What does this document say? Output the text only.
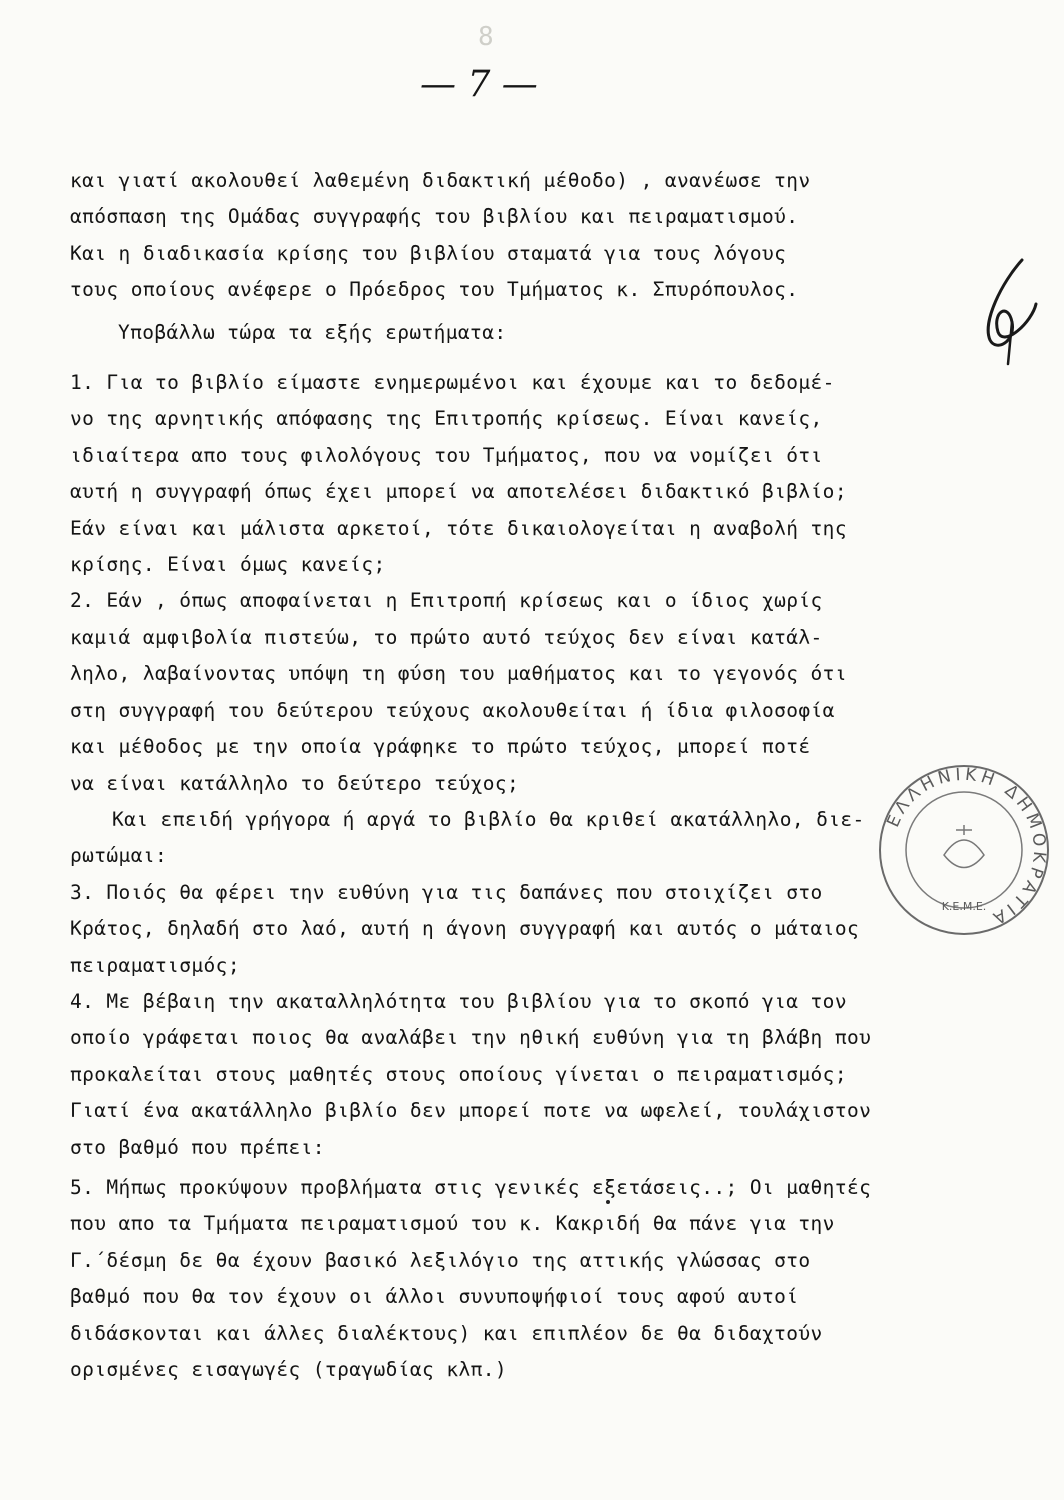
8
— 7 —
και γιατί ακολουθεί λαθεμένη διδακτική μέθοδο) , ανανέωσε την
απόσπαση της Ομάδας συγγραφής του βιβλίου και πειραματισμού.
Και η διαδικασία κρίσης του βιβλίου σταματά για τους λόγους
τους οποίους ανέφερε ο Πρόεδρος του Τμήματος κ. Σπυρόπουλος.
Υποβάλλω τώρα τα εξής ερωτήματα:
1. Για το βιβλίο είμαστε ενημερωμένοι και έχουμε και το δεδομέ-
νο της αρνητικής απόφασης της Επιτροπής κρίσεως. Είναι κανείς,
ιδιαίτερα απο τους φιλολόγους του Τμήματος, που να νομίζει ότι
αυτή η συγγραφή όπως έχει μπορεί να αποτελέσει διδακτικό βιβλίο;
Εάν είναι και μάλιστα αρκετοί, τότε δικαιολογείται η αναβολή της
κρίσης. Είναι όμως κανείς;
2. Εάν , όπως αποφαίνεται η Επιτροπή κρίσεως και ο ίδιος χωρίς
καμιά αμφιβολία πιστεύω, το πρώτο αυτό τεύχος δεν είναι κατάλ-
ληλο, λαβαίνοντας υπόψη τη φύση του μαθήματος και το γεγονός ότι
στη συγγραφή του δεύτερου τεύχους ακολουθείται ή ίδια φιλοσοφία
και μέθοδος με την οποία γράφηκε το πρώτο τεύχος, μπορεί ποτέ
να είναι κατάλληλο το δεύτερο τεύχος;
Και επειδή γρήγορα ή αργά το βιβλίο θα κριθεί ακατάλληλο, διε-
ρωτώμαι:
3. Ποιός θα φέρει την ευθύνη για τις δαπάνες που στοιχίζει στο
Κράτος, δηλαδή στο λαό, αυτή η άγονη συγγραφή και αυτός ο μάταιος
πειραματισμός;
4. Με βέβαιη την ακαταλληλότητα του βιβλίου για το σκοπό για τον
οποίο γράφεται ποιος θα αναλάβει την ηθική ευθύνη για τη βλάβη που
προκαλείται στους μαθητές στους οποίους γίνεται ο πειραματισμός;
Γιατί ένα ακατάλληλο βιβλίο δεν μπορεί ποτε να ωφελεί, τουλάχιστον
στο βαθμό που πρέπει:
5. Μήπως προκύψουν προβλήματα στις γενικές εξετάσεις..; Οι μαθητές
που απο τα Τμήματα πειραματισμού του κ. Κακριδή θα πάνε για την
Γ.΄δέσμη δε θα έχουν βασικό λεξιλόγιο της αττικής γλώσσας στο
βαθμό που θα τον έχουν οι άλλοι συνυποψήφιοί τους αφού αυτοί
διδάσκονται και άλλες διαλέκτους) και επιπλέον δε θα διδαχτούν
ορισμένες εισαγωγές (τραγωδίας κλπ.)
ΕΛΛΗΝΙΚΗ ΔΗΜΟΚΡΑΤΙΑ
Κ.Ε.Μ.Ε.
